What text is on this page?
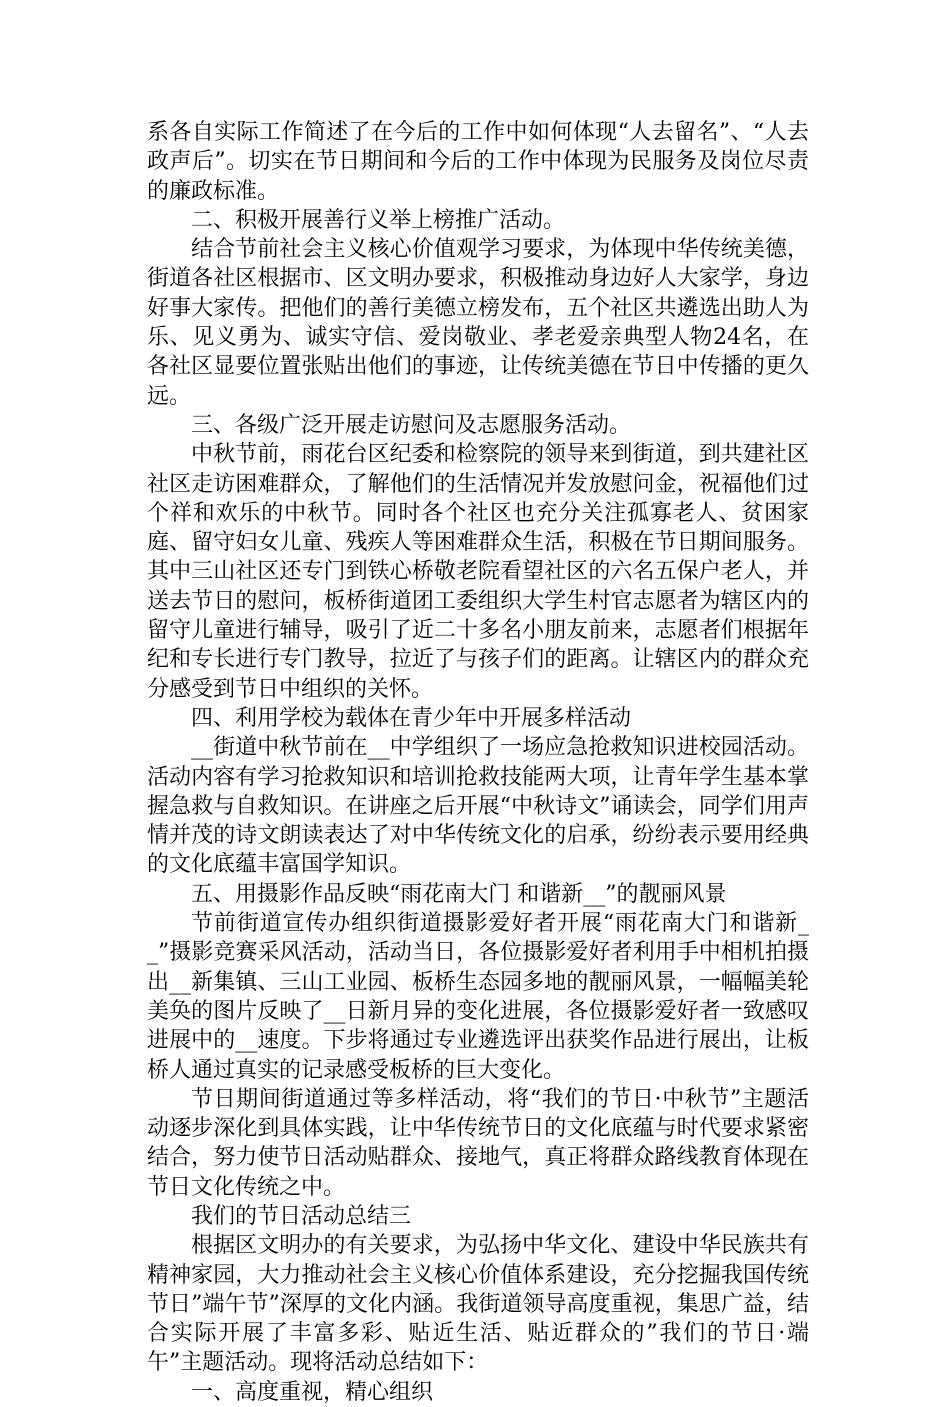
系各自实际工作简述了在今后的工作中如何体现“人去留名”、“人去政声后”。切实在节日期间和今后的工作中体现为民服务及岗位尽责的廉政标准。

二、积极开展善行义举上榜推广活动。

结合节前社会主义核心价值观学习要求，为体现中华传统美德，街道各社区根据市、区文明办要求，积极推动身边好人大家学，身边好事大家传。把他们的善行美德立榜发布，五个社区共遴选出助人为乐、见义勇为、诚实守信、爱岗敬业、孝老爱亲典型人物24名，在各社区显要位置张贴出他们的事迹，让传统美德在节日中传播的更久远。

三、各级广泛开展走访慰问及志愿服务活动。

中秋节前，雨花台区纪委和检察院的领导来到街道，到共建社区社区走访困难群众，了解他们的生活情况并发放慰问金，祝福他们过个祥和欢乐的中秋节。同时各个社区也充分关注孤寡老人、贫困家庭、留守妇女儿童、残疾人等困难群众生活，积极在节日期间服务。其中三山社区还专门到铁心桥敬老院看望社区的六名五保户老人，并送去节日的慰问，板桥街道团工委组织大学生村官志愿者为辖区内的留守儿童进行辅导，吸引了近二十多名小朋友前来，志愿者们根据年纪和专长进行专门教导，拉近了与孩子们的距离。让辖区内的群众充分感受到节日中组织的关怀。

四、利用学校为载体在青少年中开展多样活动

__街道中秋节前在__中学组织了一场应急抢救知识进校园活动。活动内容有学习抢救知识和培训抢救技能两大项，让青年学生基本掌握急救与自救知识。在讲座之后开展“中秋诗文”诵读会，同学们用声情并茂的诗文朗读表达了对中华传统文化的启承，纷纷表示要用经典的文化底蕴丰富国学知识。

五、用摄影作品反映“雨花南大门 和谐新__”的靓丽风景

节前街道宣传办组织街道摄影爱好者开展“雨花南大门和谐新__”摄影竞赛采风活动，活动当日，各位摄影爱好者利用手中相机拍摄出__新集镇、三山工业园、板桥生态园多地的靓丽风景，一幅幅美轮美奂的图片反映了__日新月异的变化进展，各位摄影爱好者一致感叹进展中的__速度。下步将通过专业遴选评出获奖作品进行展出，让板桥人通过真实的记录感受板桥的巨大变化。

节日期间街道通过等多样活动，将“我们的节日·中秋节”主题活动逐步深化到具体实践，让中华传统节日的文化底蕴与时代要求紧密结合，努力使节日活动贴群众、接地气，真正将群众路线教育体现在节日文化传统之中。

我们的节日活动总结三

根据区文明办的有关要求，为弘扬中华文化、建设中华民族共有精神家园，大力推动社会主义核心价值体系建设，充分挖掘我国传统节日”端午节”深厚的文化内涵。我街道领导高度重视，集思广益，结合实际开展了丰富多彩、贴近生活、贴近群众的”我们的节日·端午”主题活动。现将活动总结如下：

一、高度重视，精心组织
